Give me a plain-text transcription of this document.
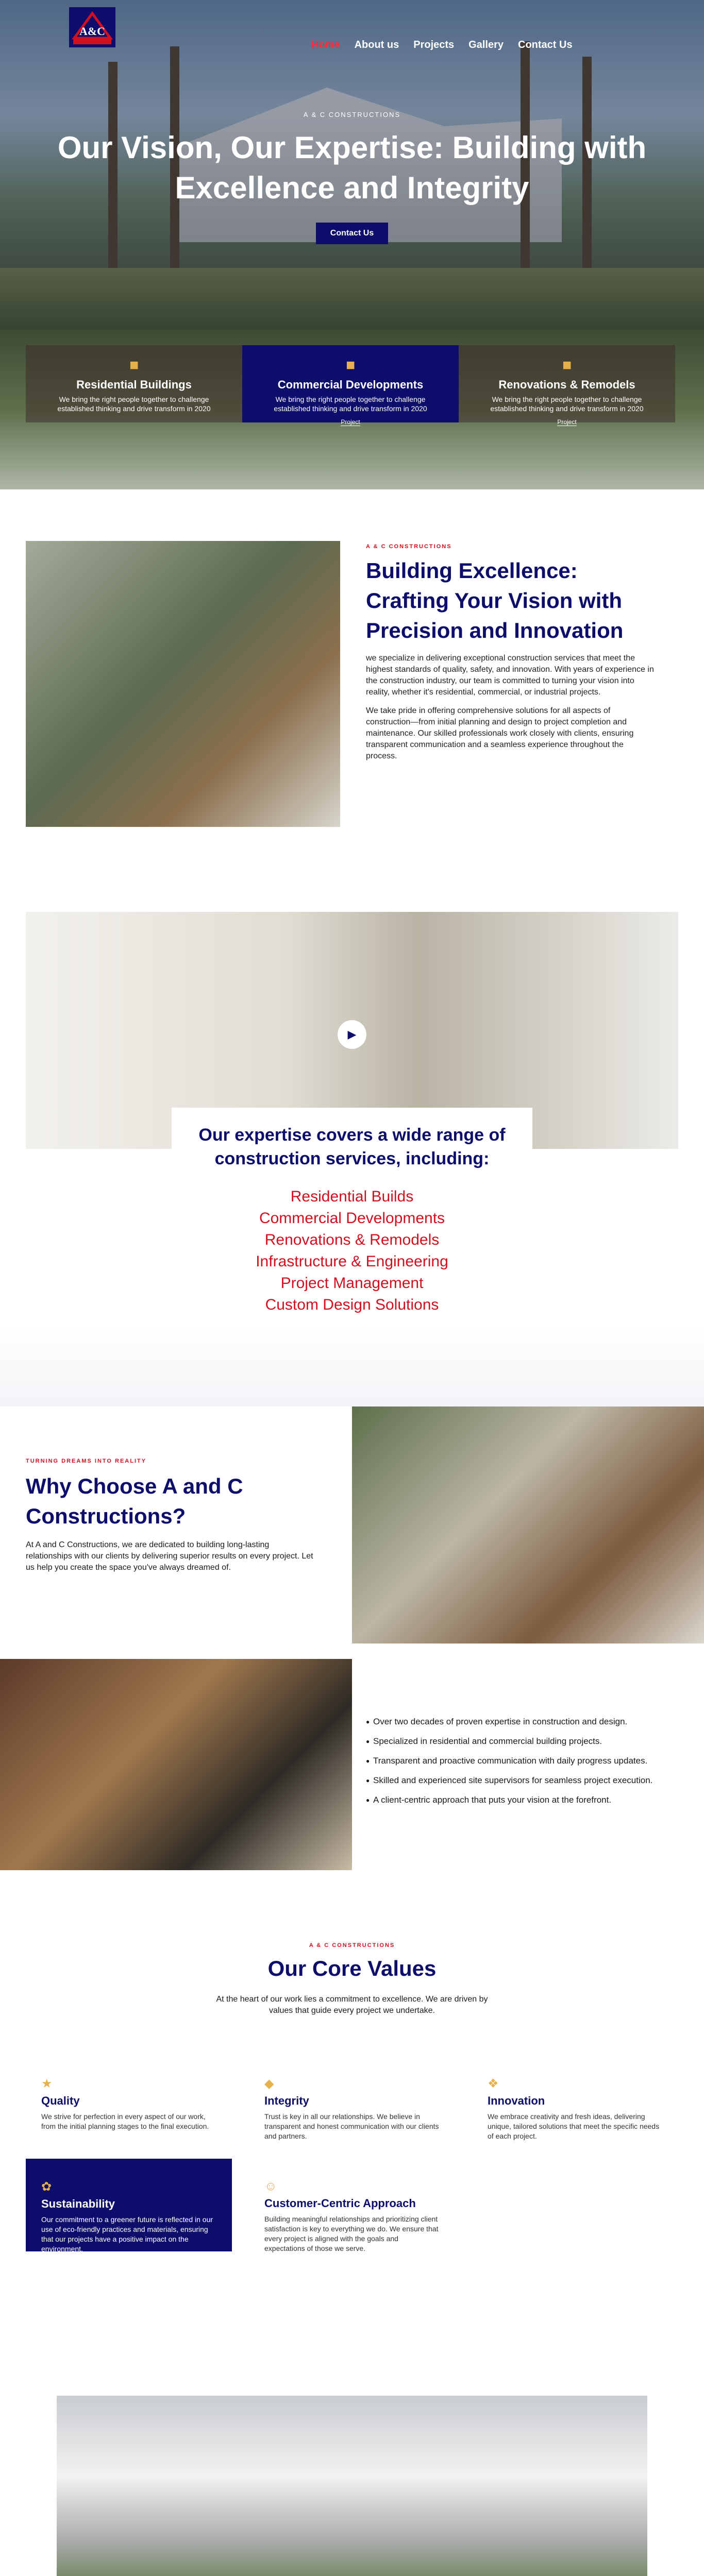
A&C
Home	About us	Projects	Gallery	Contact Us
A & C CONSTRUCTIONS
Our Vision, Our Expertise: Building with Excellence and Integrity
Contact Us
■
Residential Buildings

We bring the right people together to challenge established thinking and drive transform in 2020

■
Commercial Developments

We bring the right people together to challenge established thinking and drive transform in 2020

Project
■
Renovations & Remodels

We bring the right people together to challenge established thinking and drive transform in 2020

Project
A & C CONSTRUCTIONS
Building Excellence: Crafting Your Vision with Precision and Innovation

we specialize in delivering exceptional construction services that meet the highest standards of quality, safety, and innovation. With years of experience in the construction industry, our team is committed to turning your vision into reality, whether it's residential, commercial, or industrial projects.

We take pride in offering comprehensive solutions for all aspects of construction—from initial planning and design to project completion and maintenance. Our skilled professionals work closely with clients, ensuring transparent communication and a seamless experience throughout the process.

▶
Our expertise covers a wide range of construction services, including:
Residential Builds
Commercial Developments
Renovations & Remodels
Infrastructure & Engineering
Project Management
Custom Design Solutions
TURNING DREAMS INTO REALITY
Why Choose A and C Constructions?

At A and C Constructions, we are dedicated to building long-lasting relationships with our clients by delivering superior results on every project. Let us help you create the space you've always dreamed of.

● Over two decades of proven expertise in construction and design.
● Specialized in residential and commercial building projects.
● Transparent and proactive communication with daily progress updates.
● Skilled and experienced site supervisors for seamless project execution.
● A client-centric approach that puts your vision at the forefront.
A & C CONSTRUCTIONS
Our Core Values

At the heart of our work lies a commitment to excellence. We are driven by values that guide every project we undertake.

★
Quality

We strive for perfection in every aspect of our work, from the initial planning stages to the final execution.

◆
Integrity

Trust is key in all our relationships. We believe in transparent and honest communication with our clients and partners.

❖
Innovation

We embrace creativity and fresh ideas, delivering unique, tailored solutions that meet the specific needs of each project.

✿
Sustainability

Our commitment to a greener future is reflected in our use of eco-friendly practices and materials, ensuring that our projects have a positive impact on the environment.

☺
Customer-Centric Approach

Building meaningful relationships and prioritizing client satisfaction is key to everything we do. We ensure that every project is aligned with the goals and expectations of those we serve.
